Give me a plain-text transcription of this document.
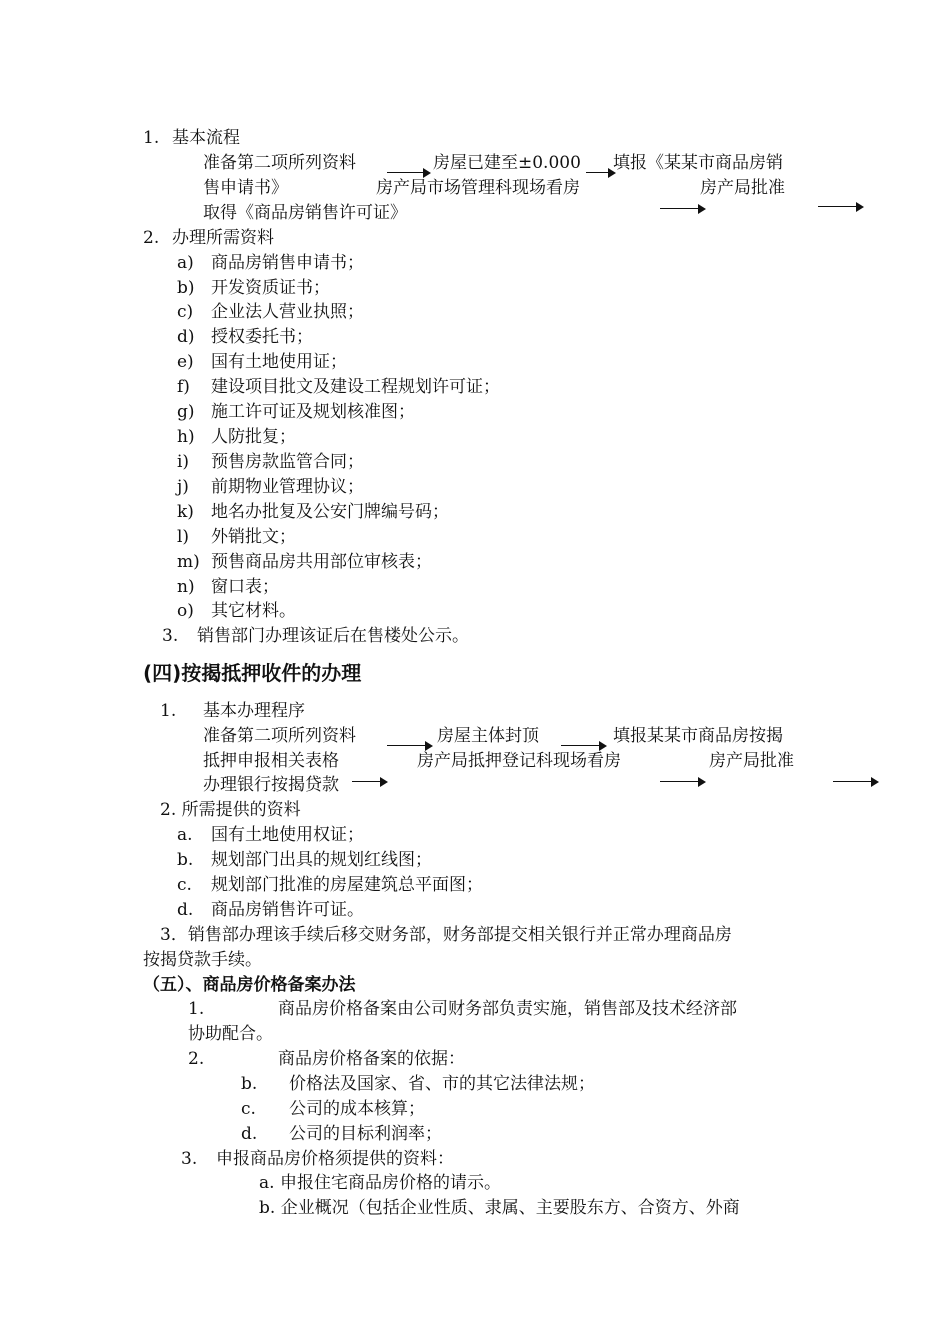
1. 基本流程
准备第二项所列资料	房屋已建至±0.000 填报《某某市商品房销
售申请书》	房产局市场管理科现场看房	房产局批准
取得《商品房销售许可证》
2. 办理所需资料
a) 商品房销售申请书；
b) 开发资质证书；
c) 企业法人营业执照；
d) 授权委托书；
e) 国有土地使用证；
f) 建设项目批文及建设工程规划许可证；
g) 施工许可证及规划核准图；
h) 人防批复；
i) 预售房款监管合同；
j) 前期物业管理协议；
k) 地名办批复及公安门牌编号码；
l) 外销批文；
m) 预售商品房共用部位审核表；
n) 窗口表；
o) 其它材料。
3. 销售部门办理该证后在售楼处公示。
(四)按揭抵押收件的办理
1. 基本办理程序
准备第二项所列资料	房屋主体封顶	填报某某市商品房按揭
抵押申报相关表格	房产局抵押登记科现场看房	房产局批准
办理银行按揭贷款
2. 所需提供的资料
a. 国有土地使用权证；
b. 规划部门出具的规划红线图；
c. 规划部门批准的房屋建筑总平面图；
d. 商品房销售许可证。
3．销售部办理该手续后移交财务部，财务部提交相关银行并正常办理商品房
按揭贷款手续。
（五）、商品房价格备案办法
1.	商品房价格备案由公司财务部负责实施，销售部及技术经济部
协助配合。
2.	商品房价格备案的依据：
b. 价格法及国家、省、市的其它法律法规；
c. 公司的成本核算；
d. 公司的目标利润率；
3. 申报商品房价格须提供的资料：
a. 申报住宅商品房价格的请示。
b. 企业概况（包括企业性质、隶属、主要股东方、合资方、外商
